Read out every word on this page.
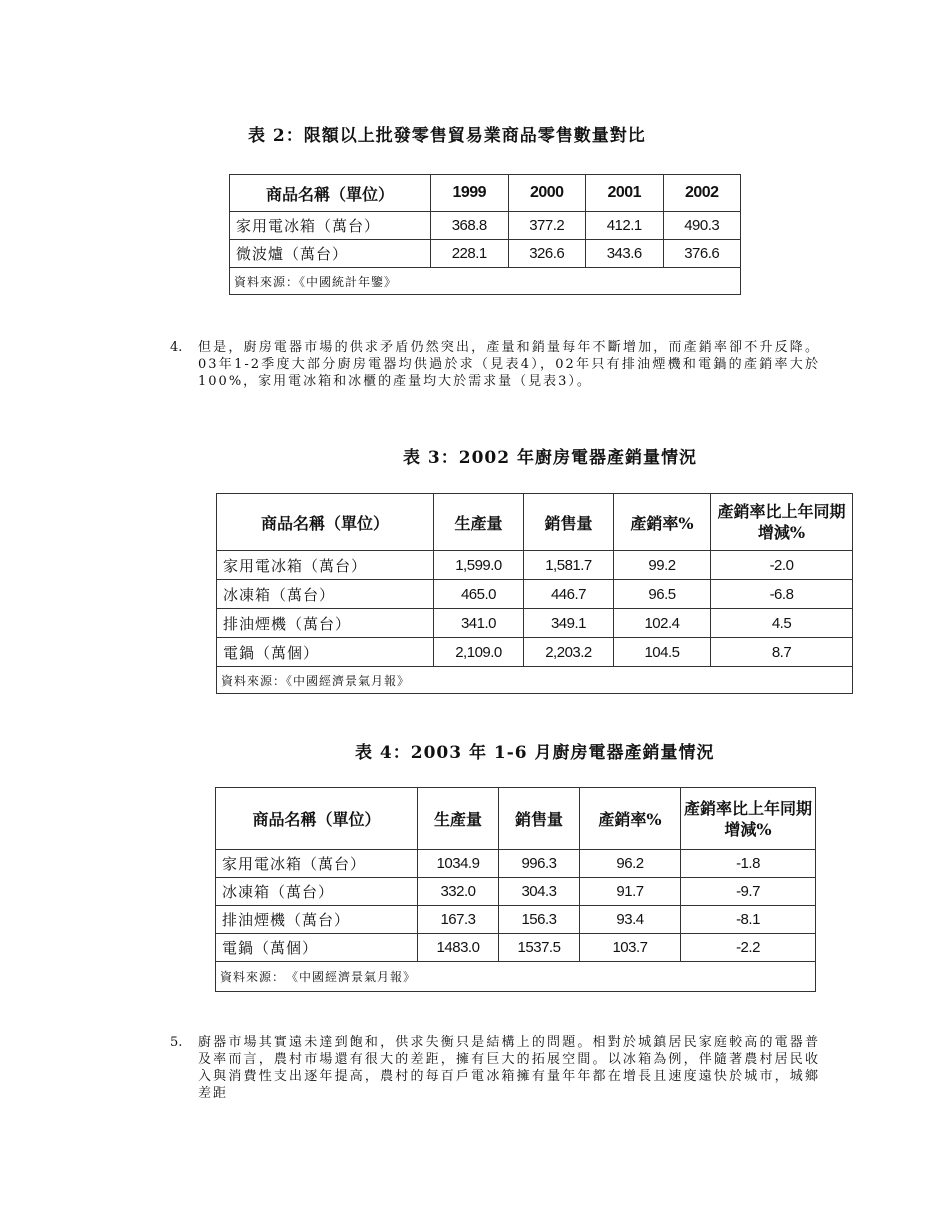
表 2：限額以上批發零售貿易業商品零售數量對比
商品名稱（單位）	1999	2000	2001	2002
家用電冰箱（萬台）	368.8	377.2	412.1	490.3
微波爐（萬台）	228.1	326.6	343.6	376.6
資料來源：《中國統計年鑒》				
4. 但是，廚房電器市場的供求矛盾仍然突出，產量和銷量每年不斷增加，而產銷率卻不升反降。03年1-2季度大部分廚房電器均供過於求（見表4），02年只有排油煙機和電鍋的產銷率大於100%，家用電冰箱和冰櫃的產量均大於需求量（見表3）。
表 3：2002 年廚房電器產銷量情況
商品名稱（單位）	生產量	銷售量	產銷率%	產銷率比上年同期增減%
家用電冰箱（萬台）	1,599.0	1,581.7	99.2	-2.0
冰凍箱（萬台）	465.0	446.7	96.5	-6.8
排油煙機（萬台）	341.0	349.1	102.4	4.5
電鍋（萬個）	2,109.0	2,203.2	104.5	8.7
資料來源：《中國經濟景氣月報》				
表 4：2003 年 1-6 月廚房電器產銷量情況
商品名稱（單位）	生產量	銷售量	產銷率%	產銷率比上年同期增減%
家用電冰箱（萬台）	1034.9	996.3	96.2	-1.8
冰凍箱（萬台）	332.0	304.3	91.7	-9.7
排油煙機（萬台）	167.3	156.3	93.4	-8.1
電鍋（萬個）	1483.0	1537.5	103.7	-2.2
資料來源：　《中國經濟景氣月報》				
5. 廚器市場其實遠未達到飽和，供求失衡只是結構上的問題。相對於城鎮居民家庭較高的電器普及率而言，農村市場還有很大的差距，擁有巨大的拓展空間。以冰箱為例，伴隨著農村居民收入與消費性支出逐年提高，農村的每百戶電冰箱擁有量年年都在增長且速度遠快於城市，城鄉差距
